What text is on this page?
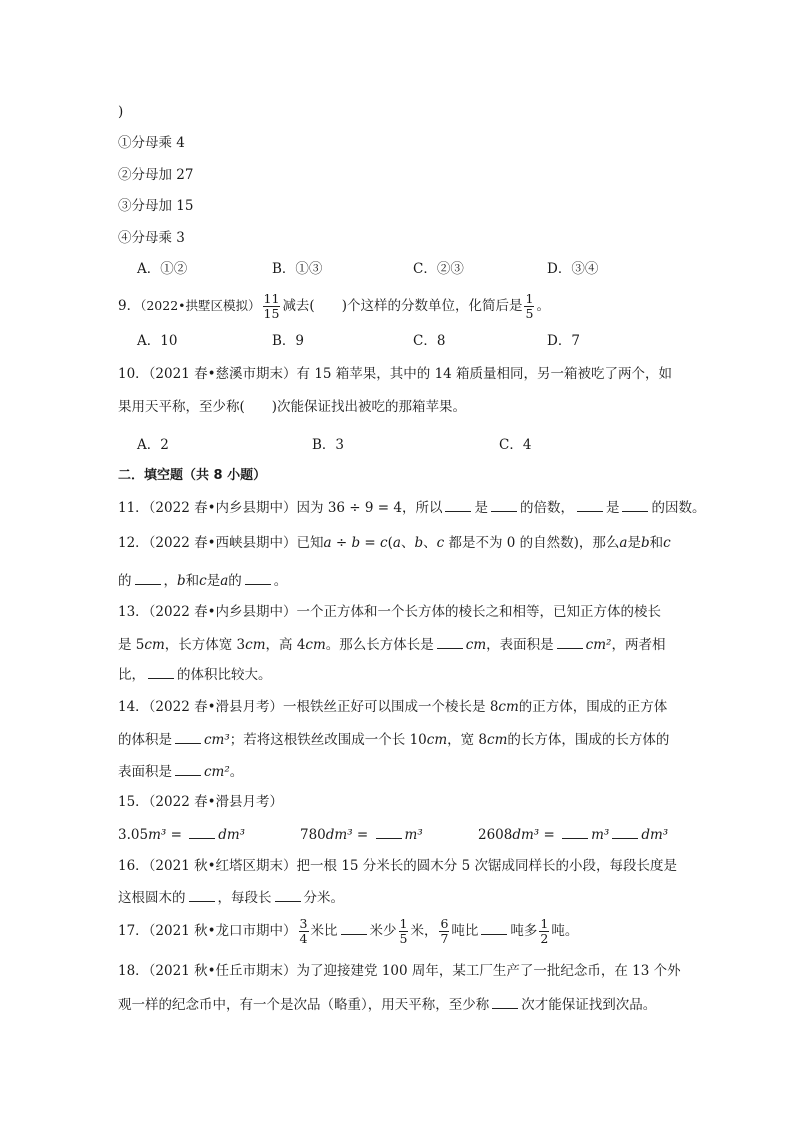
)
①分母乘 4
②分母加 27
③分母加 15
④分母乘 3
A．①②	B．①③	C．②③	D．③④
9．（2022•拱墅区模拟） $\frac{11}{15}$ 减去(　　)个这样的分数单位，化简后是 $\frac{1}{5}$ 。
A．10	B．9	C．8	D．7
10．（2021 春•慈溪市期末）有 15 箱苹果，其中的 14 箱质量相同，另一箱被吃了两个，如
果用天平称，至少称(　　)次能保证找出被吃的那箱苹果。
A．2	B．3	C．4
二．填空题（共 8 小题）
11．（2022 春•内乡县期中）因为 36 ÷ 9 = 4，所以 是 的倍数， 是 的因数。
12．（2022 春•西峡县期中）已知a ÷ b = c(a、b、c 都是不为 0 的自然数)，那么a是b和c
的 ，b和c是a的 。
13．（2022 春•内乡县期中）一个正方体和一个长方体的棱长之和相等，已知正方体的棱长
是 5cm，长方体宽 3cm，高 4cm。那么长方体长是 cm，表面积是 cm²，两者相
比， 的体积比较大。
14．（2022 春•滑县月考）一根铁丝正好可以围成一个棱长是 8cm的正方体，围成的正方体
的体积是 cm³；若将这根铁丝改围成一个长 10cm，宽 8cm的长方体，围成的长方体的
表面积是 cm²。
15．（2022 春•滑县月考）
3.05m³ = dm³	780dm³ = m³	2608dm³ = m³ dm³
16．（2021 秋•红塔区期末）把一根 15 分米长的圆木分 5 次锯成同样长的小段，每段长度是
这根圆木的 ，每段长 分米。
17．（2021 秋•龙口市期中） $\frac{3}{4}$ 米比 米少 $\frac{1}{5}$ 米， $\frac{6}{7}$ 吨比 吨多 $\frac{1}{2}$ 吨。
18．（2021 秋•任丘市期末）为了迎接建党 100 周年，某工厂生产了一批纪念币，在 13 个外
观一样的纪念币中，有一个是次品（略重），用天平称，至少称 次才能保证找到次品。
